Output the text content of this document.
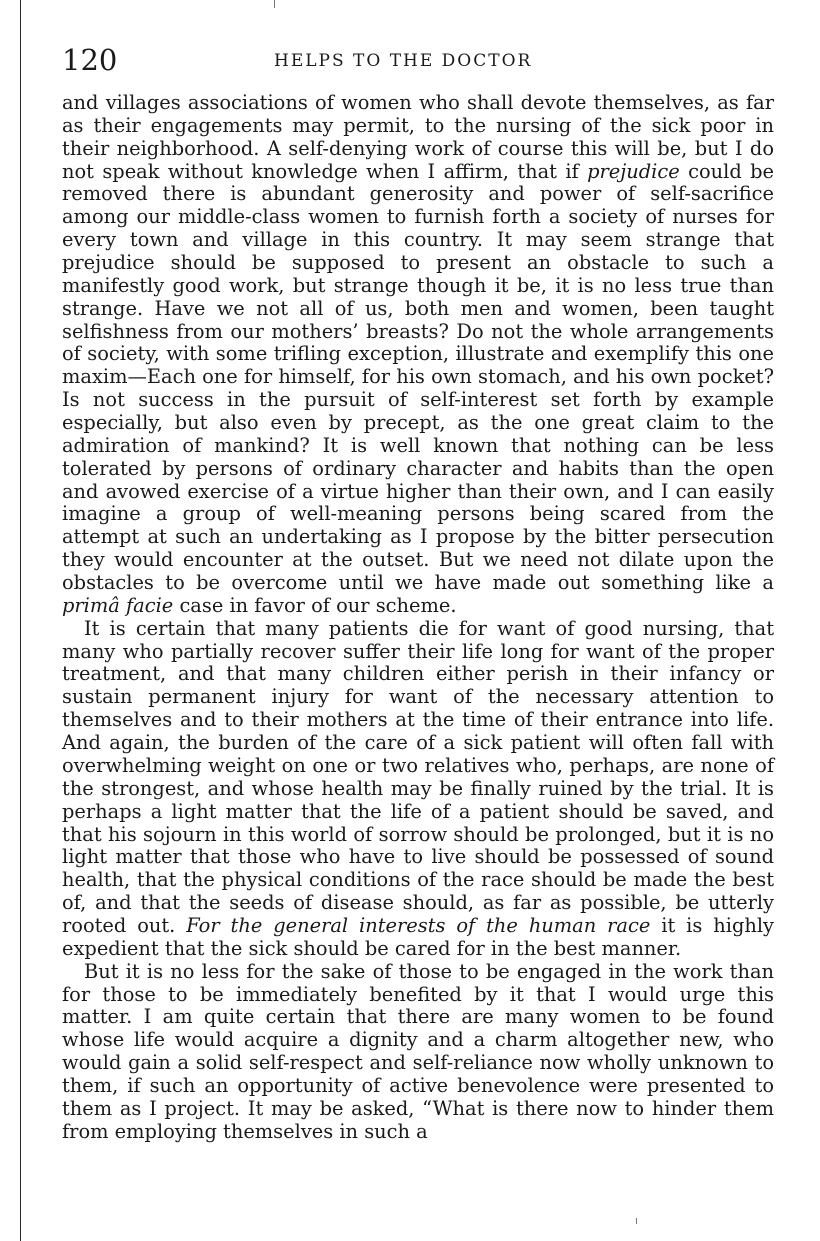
120	HELPS TO THE DOCTOR

and villages associations of women who shall devote themselves, as far as their engagements may permit, to the nursing of the sick poor in their neighborhood. A self-denying work of course this will be, but I do not speak without knowledge when I affirm, that if prejudice could be removed there is abundant generosity and power of self-sacrifice among our middle-class women to furnish forth a society of nurses for every town and village in this country. It may seem strange that prejudice should be supposed to present an obstacle to such a manifestly good work, but strange though it be, it is no less true than strange. Have we not all of us, both men and women, been taught selfishness from our mothers’ breasts? Do not the whole arrangements of society, with some trifling exception, illustrate and exemplify this one maxim—Each one for himself, for his own stomach, and his own pocket? Is not success in the pursuit of self-interest set forth by example especially, but also even by precept, as the one great claim to the admiration of mankind? It is well known that nothing can be less tolerated by persons of ordinary character and habits than the open and avowed exercise of a virtue higher than their own, and I can easily imagine a group of well-meaning persons being scared from the attempt at such an undertaking as I propose by the bitter persecution they would encounter at the outset. But we need not dilate upon the obstacles to be overcome until we have made out something like a primâ facie case in favor of our scheme.

It is certain that many patients die for want of good nursing, that many who partially recover suffer their life long for want of the proper treatment, and that many children either perish in their infancy or sustain permanent injury for want of the necessary attention to themselves and to their mothers at the time of their entrance into life. And again, the burden of the care of a sick patient will often fall with overwhelming weight on one or two relatives who, perhaps, are none of the strongest, and whose health may be finally ruined by the trial. It is perhaps a light matter that the life of a patient should be saved, and that his sojourn in this world of sorrow should be prolonged, but it is no light matter that those who have to live should be possessed of sound health, that the physical conditions of the race should be made the best of, and that the seeds of disease should, as far as possible, be utterly rooted out. For the general interests of the human race it is highly expedient that the sick should be cared for in the best manner.

But it is no less for the sake of those to be engaged in the work than for those to be immediately benefited by it that I would urge this matter. I am quite certain that there are many women to be found whose life would acquire a dignity and a charm altogether new, who would gain a solid self-respect and self-reliance now wholly unknown to them, if such an opportunity of active benevolence were presented to them as I project. It may be asked, “What is there now to hinder them from employing themselves in such a
